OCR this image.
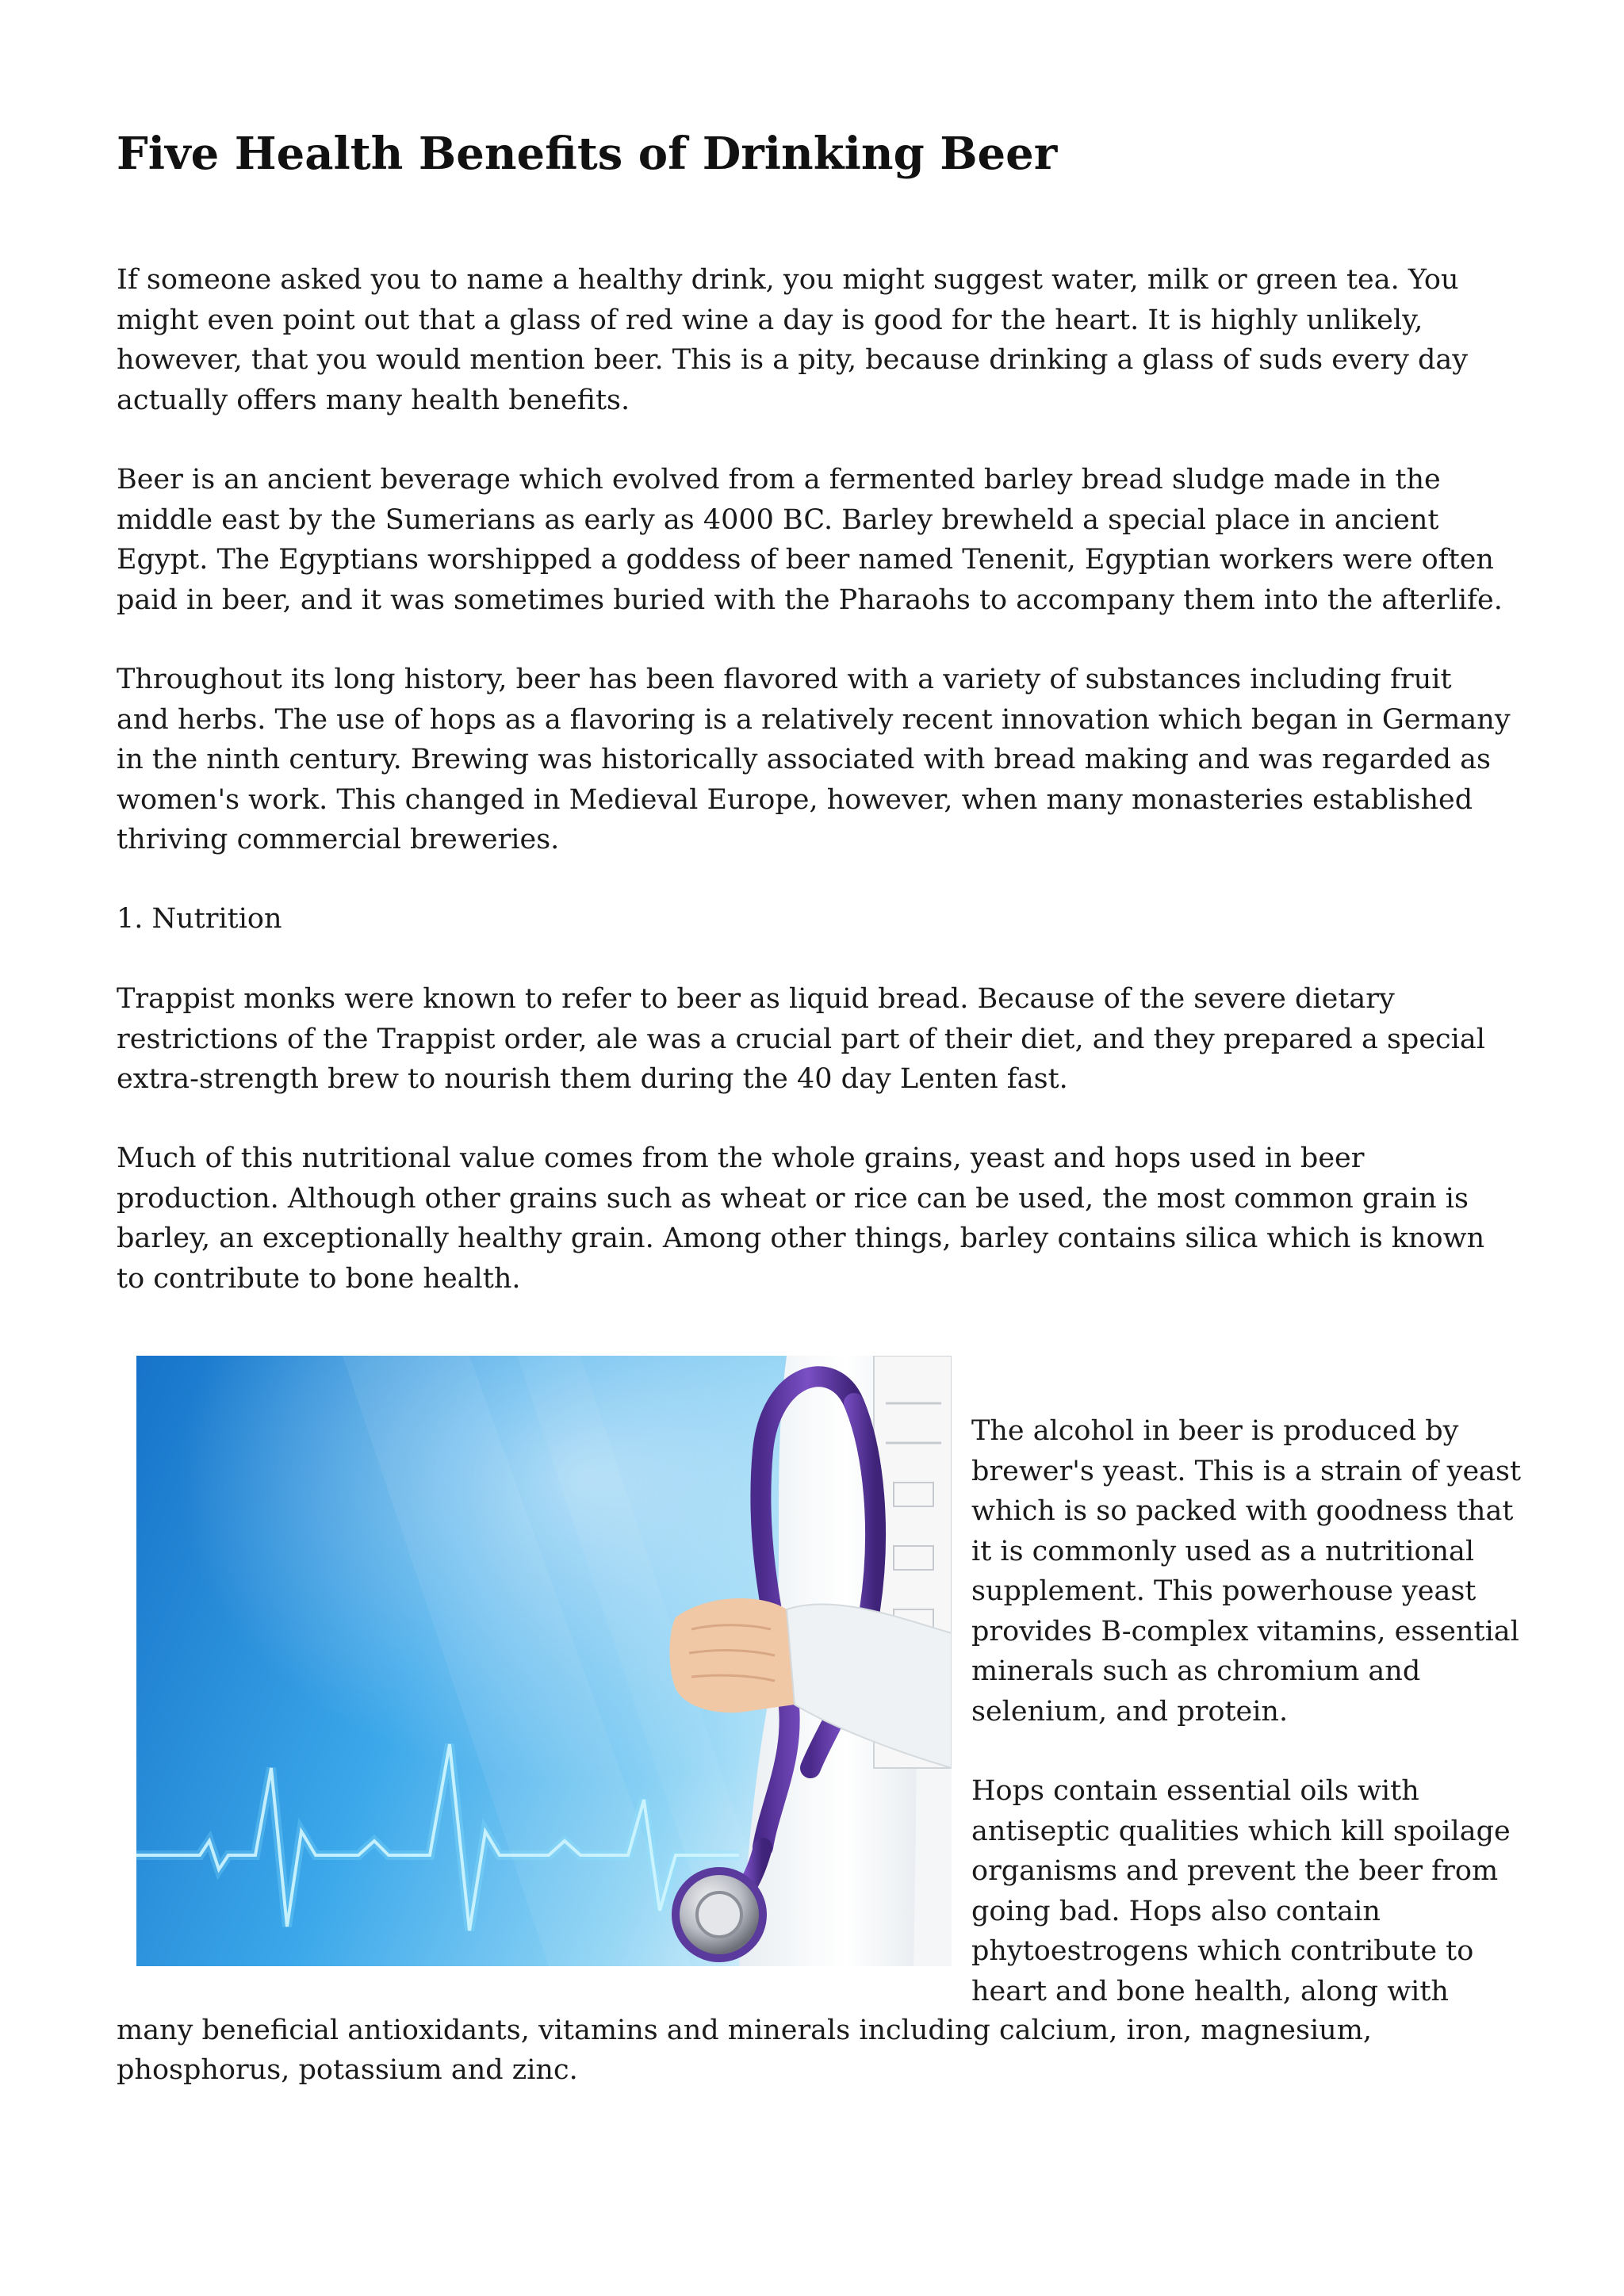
Five Health Benefits of Drinking Beer

If someone asked you to name a healthy drink, you might suggest water, milk or green tea. You might even point out that a glass of red wine a day is good for the heart. It is highly unlikely, however, that you would mention beer. This is a pity, because drinking a glass of suds every day actually offers many health benefits.

Beer is an ancient beverage which evolved from a fermented barley bread sludge made in the middle east by the Sumerians as early as 4000 BC. Barley brewheld a special place in ancient Egypt. The Egyptians worshipped a goddess of beer named Tenenit, Egyptian workers were often paid in beer, and it was sometimes buried with the Pharaohs to accompany them into the afterlife.

Throughout its long history, beer has been flavored with a variety of substances including fruit and herbs. The use of hops as a flavoring is a relatively recent innovation which began in Germany in the ninth century. Brewing was historically associated with bread making and was regarded as women's work. This changed in Medieval Europe, however, when many monasteries established thriving commercial breweries.

1. Nutrition

Trappist monks were known to refer to beer as liquid bread. Because of the severe dietary restrictions of the Trappist order, ale was a crucial part of their diet, and they prepared a special extra-strength brew to nourish them during the 40 day Lenten fast.

Much of this nutritional value comes from the whole grains, yeast and hops used in beer production. Although other grains such as wheat or rice can be used, the most common grain is barley, an exceptionally healthy grain. Among other things, barley contains silica which is known to contribute to bone health.

The alcohol in beer is produced by brewer's yeast. This is a strain of yeast which is so packed with goodness that it is commonly used as a nutritional supplement. This powerhouse yeast provides B-complex vitamins, essential minerals such as chromium and selenium, and protein.

Hops contain essential oils with antiseptic qualities which kill spoilage organisms and prevent the beer from going bad. Hops also contain phytoestrogens which contribute to heart and bone health, along with

many beneficial antioxidants, vitamins and minerals including calcium, iron, magnesium,

phosphorus, potassium and zinc.
